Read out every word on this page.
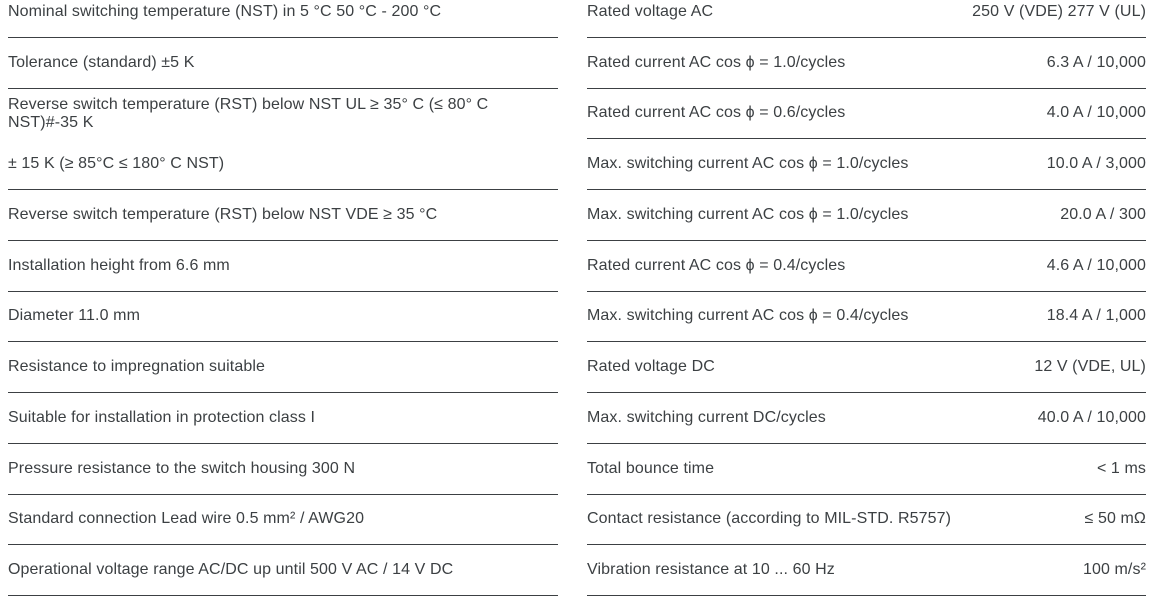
Nominal switching temperature (NST) in 5 °C 50 °C - 200 °C
Tolerance (standard) ±5 K
Reverse switch temperature (RST) below NST UL ≥ 35° C (≤ 80° C NST)#-35 K
± 15 K (≥ 85°C ≤ 180° C NST)
Reverse switch temperature (RST) below NST VDE ≥ 35 °C
Installation height from 6.6 mm
Diameter 11.0 mm
Resistance to impregnation suitable
Suitable for installation in protection class I
Pressure resistance to the switch housing 300 N
Standard connection Lead wire 0.5 mm² / AWG20
Operational voltage range AC/DC up until 500 V AC / 14 V DC
Rated voltage AC	250 V (VDE) 277 V (UL)
Rated current AC cos ϕ = 1.0/cycles	6.3 A / 10,000
Rated current AC cos ϕ = 0.6/cycles	4.0 A / 10,000
Max. switching current AC cos ϕ = 1.0/cycles	10.0 A / 3,000
Max. switching current AC cos ϕ = 1.0/cycles	20.0 A / 300
Rated current AC cos ϕ = 0.4/cycles	4.6 A / 10,000
Max. switching current AC cos ϕ = 0.4/cycles	18.4 A / 1,000
Rated voltage DC	12 V (VDE, UL)
Max. switching current DC/cycles	40.0 A / 10,000
Total bounce time	< 1 ms
Contact resistance (according to MIL-STD. R5757)	≤ 50 mΩ
Vibration resistance at 10 ... 60 Hz	100 m/s²
